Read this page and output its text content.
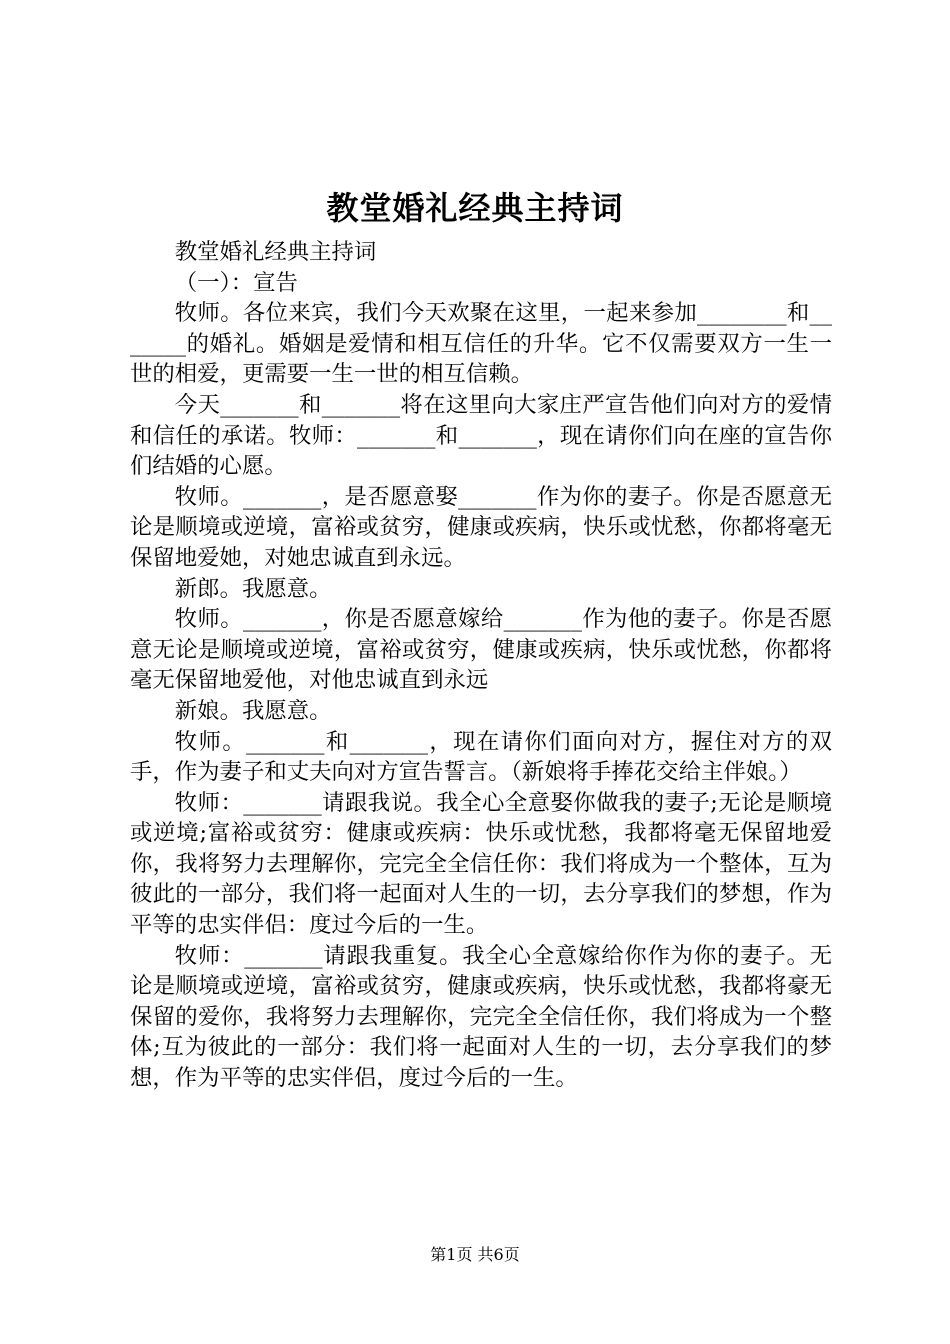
教堂婚礼经典主持词

教堂婚礼经典主持词

（一）：宣告

牧师。各位来宾，我们今天欢聚在这里，一起来参加________和_______的婚礼。婚姻是爱情和相互信任的升华。它不仅需要双方一生一世的相爱，更需要一生一世的相互信赖。

今天_______和_______将在这里向大家庄严宣告他们向对方的爱情和信任的承诺。牧师：_______和_______，现在请你们向在座的宣告你们结婚的心愿。

牧师。_______，是否愿意娶_______作为你的妻子。你是否愿意无论是顺境或逆境，富裕或贫穷，健康或疾病，快乐或忧愁，你都将毫无保留地爱她，对她忠诚直到永远。

新郎。我愿意。

牧师。_______，你是否愿意嫁给_______作为他的妻子。你是否愿意无论是顺境或逆境，富裕或贫穷，健康或疾病，快乐或忧愁，你都将毫无保留地爱他，对他忠诚直到永远

新娘。我愿意。

牧师。_______和_______，现在请你们面向对方，握住对方的双手，作为妻子和丈夫向对方宣告誓言。（新娘将手捧花交给主伴娘。）

牧师：_______请跟我说。我全心全意娶你做我的妻子;无论是顺境或逆境;富裕或贫穷：健康或疾病：快乐或忧愁，我都将毫无保留地爱你，我将努力去理解你，完完全全信任你：我们将成为一个整体，互为彼此的一部分，我们将一起面对人生的一切，去分享我们的梦想，作为平等的忠实伴侣：度过今后的一生。

牧师：_______请跟我重复。我全心全意嫁给你作为你的妻子。无论是顺境或逆境，富裕或贫穷，健康或疾病，快乐或忧愁，我都将豪无保留的爱你，我将努力去理解你，完完全全信任你，我们将成为一个整体;互为彼此的一部分：我们将一起面对人生的一切，去分享我们的梦想，作为平等的忠实伴侣，度过今后的一生。

第1页 共6页
